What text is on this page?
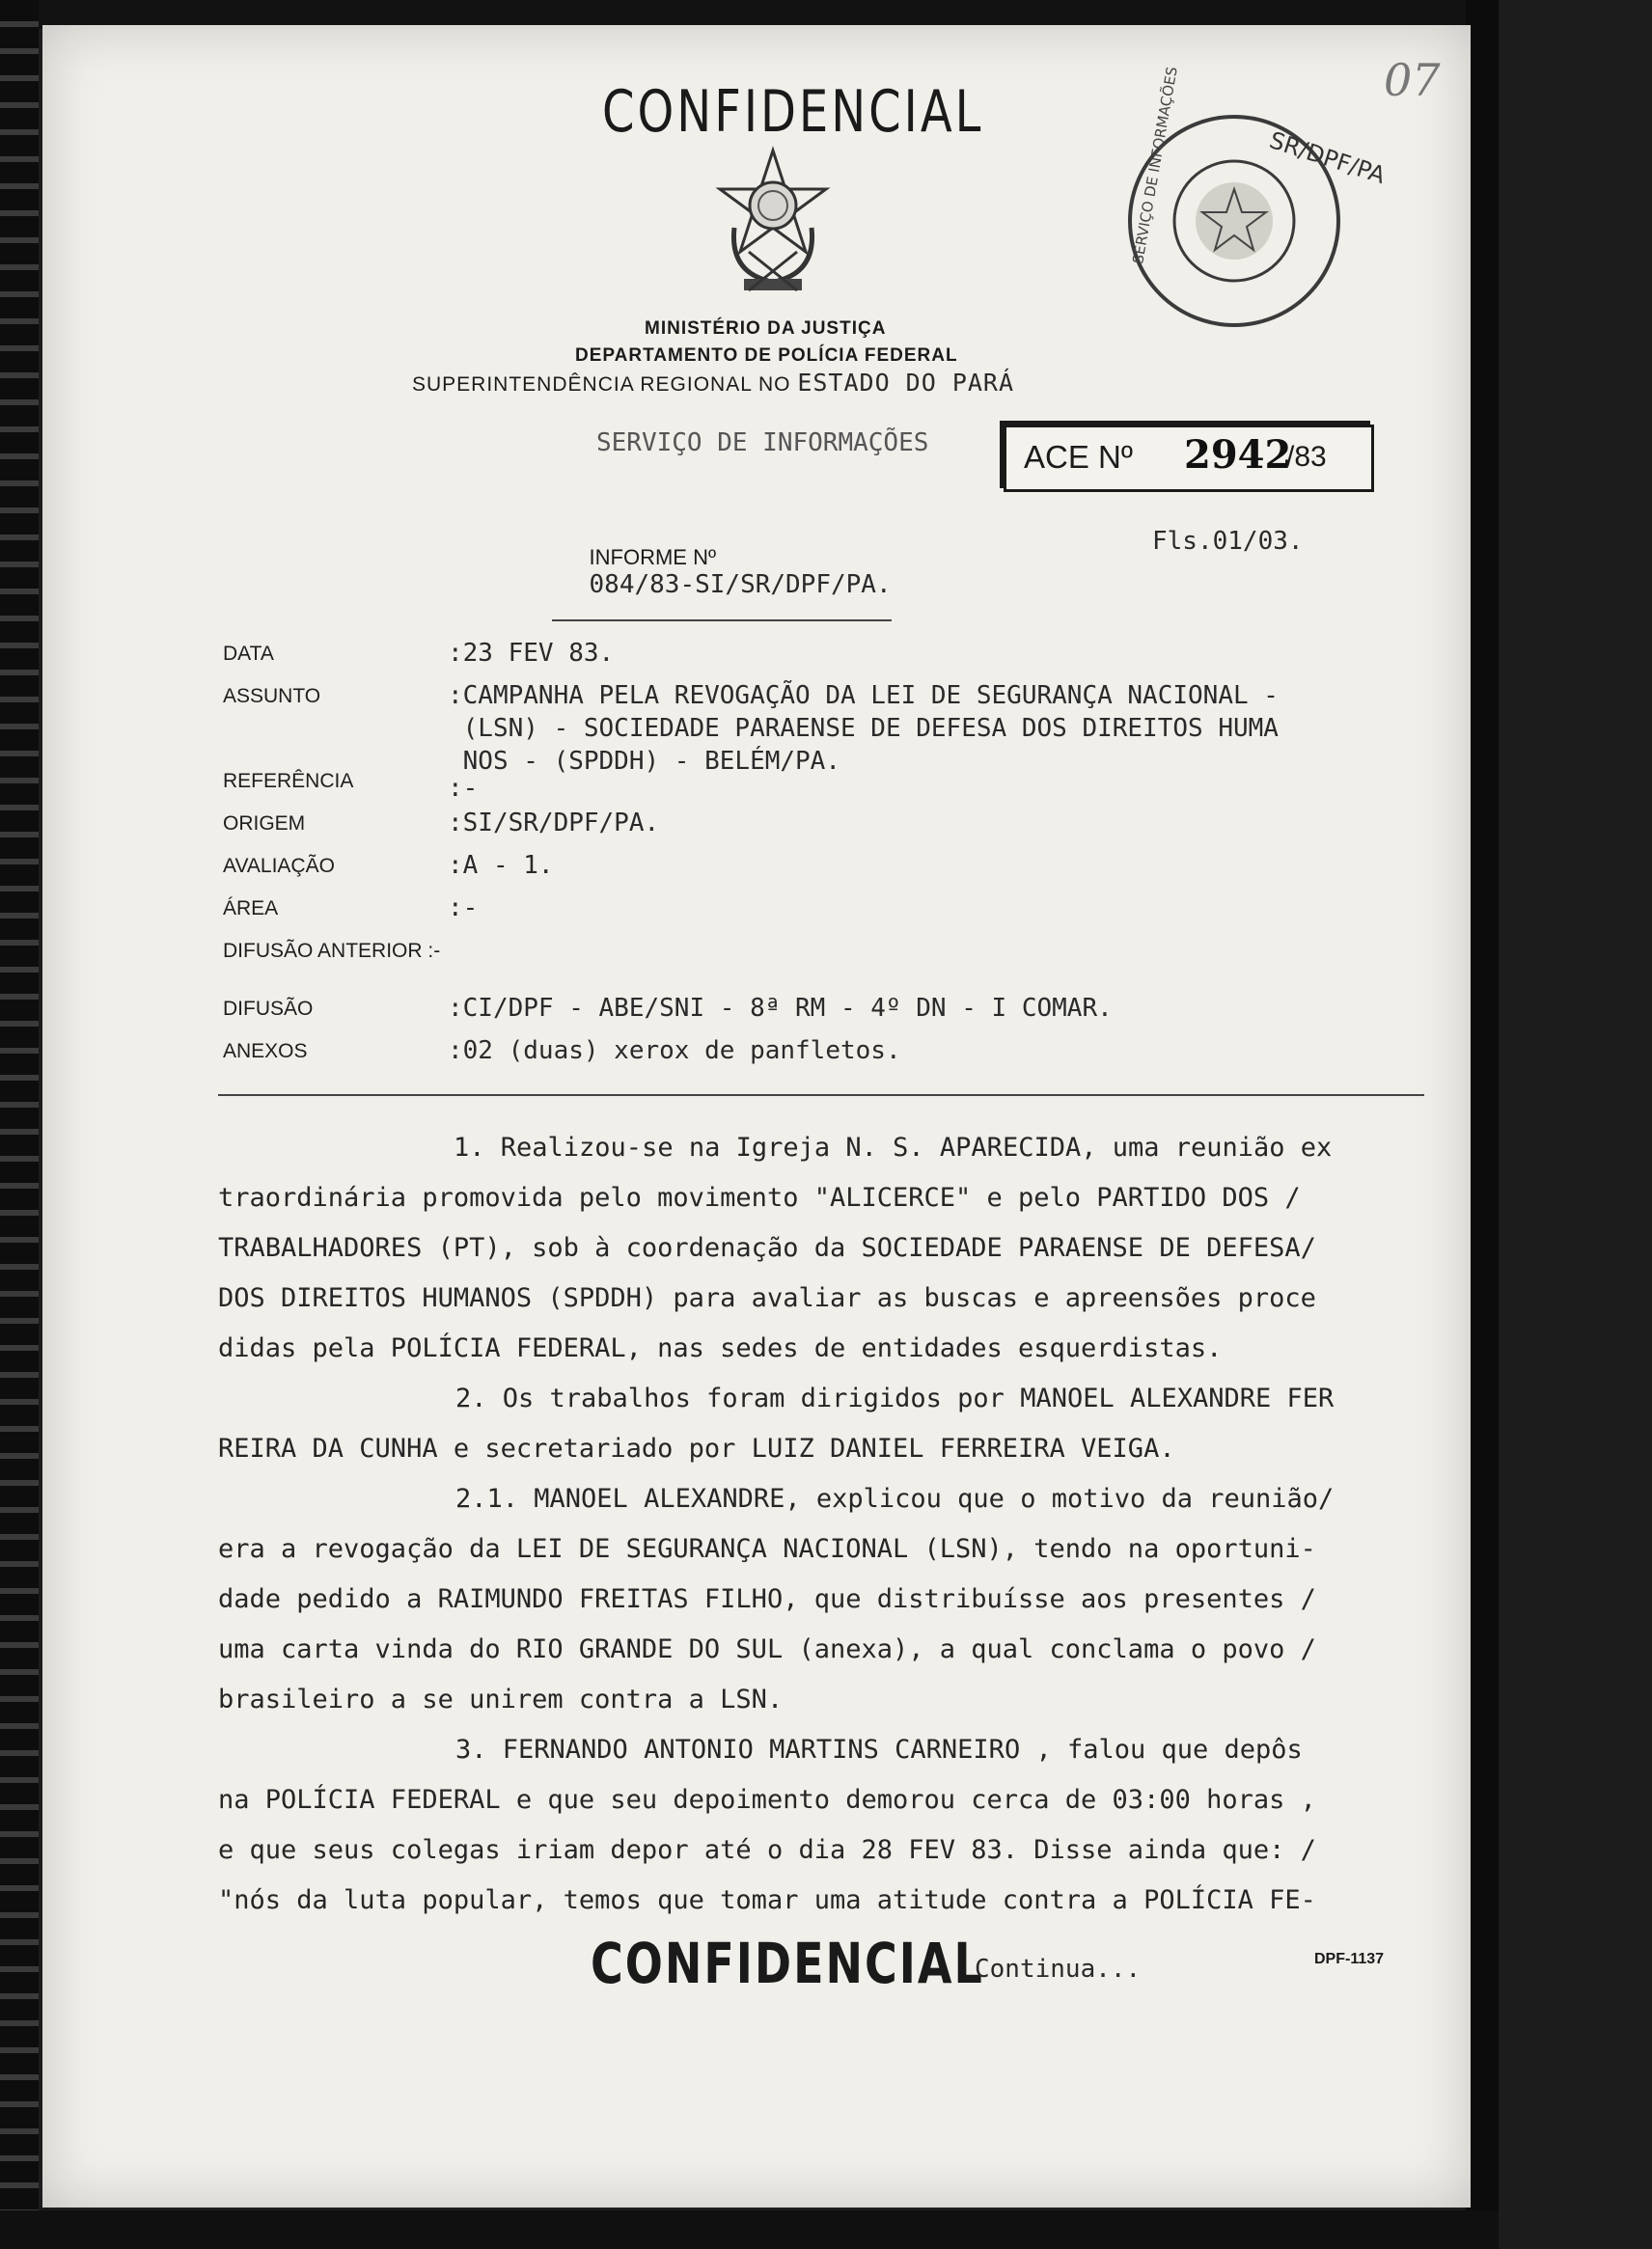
07
CONFIDENCIAL
SR/DPF/PA
SERVIÇO DE INFORMAÇÕES
MINISTÉRIO DA JUSTIÇA
DEPARTAMENTO DE POLÍCIA FEDERAL
SUPERINTENDÊNCIA REGIONAL NO ESTADO DO PARÁ
SERVIÇO DE INFORMAÇÕES	ACE Nº 2942
/83

INFORME Nº
084/83-SI/SR/DPF/PA.

Fls.01/03.
DATA	:23 FEV 83.
ASSUNTO	:CAMPANHA PELA REVOGAÇÃO DA LEI DE SEGURANÇA NACIONAL -
(LSN) - SOCIEDADE PARAENSE DE DEFESA DOS DIREITOS HUMA
NOS - (SPDDH) - BELÉM/PA.
REFERÊNCIA	:-
ORIGEM	:SI/SR/DPF/PA.
AVALIAÇÃO	:A - 1.
ÁREA	:-
DIFUSÃO ANTERIOR :-
DIFUSÃO	:CI/DPF - ABE/SNI - 8ª RM - 4º DN - I COMAR.
ANEXOS	:02 (duas) xerox de panfletos.
1. Realizou-se na Igreja N. S. APARECIDA, uma reunião ex
traordinária promovida pelo movimento "ALICERCE" e pelo PARTIDO DOS /
TRABALHADORES (PT), sob à coordenação da SOCIEDADE PARAENSE DE DEFESA/
DOS DIREITOS HUMANOS (SPDDH) para avaliar as buscas e apreensões proce
didas pela POLÍCIA FEDERAL, nas sedes de entidades esquerdistas.
2. Os trabalhos foram dirigidos por MANOEL ALEXANDRE FER
REIRA DA CUNHA e secretariado por LUIZ DANIEL FERREIRA VEIGA.
2.1. MANOEL ALEXANDRE, explicou que o motivo da reunião/
era a revogação da LEI DE SEGURANÇA NACIONAL (LSN), tendo na oportuni-
dade pedido a RAIMUNDO FREITAS FILHO, que distribuísse aos presentes /
uma carta vinda do RIO GRANDE DO SUL (anexa), a qual conclama o povo /
brasileiro a se unirem contra a LSN.
3. FERNANDO ANTONIO MARTINS CARNEIRO , falou que depôs
na POLÍCIA FEDERAL e que seu depoimento demorou cerca de 03:00 horas ,
e que seus colegas iriam depor até o dia 28 FEV 83. Disse ainda que: /
"nós da luta popular, temos que tomar uma atitude contra a POLÍCIA FE-
CONFIDENCIAL
Continua...	DPF-1137
